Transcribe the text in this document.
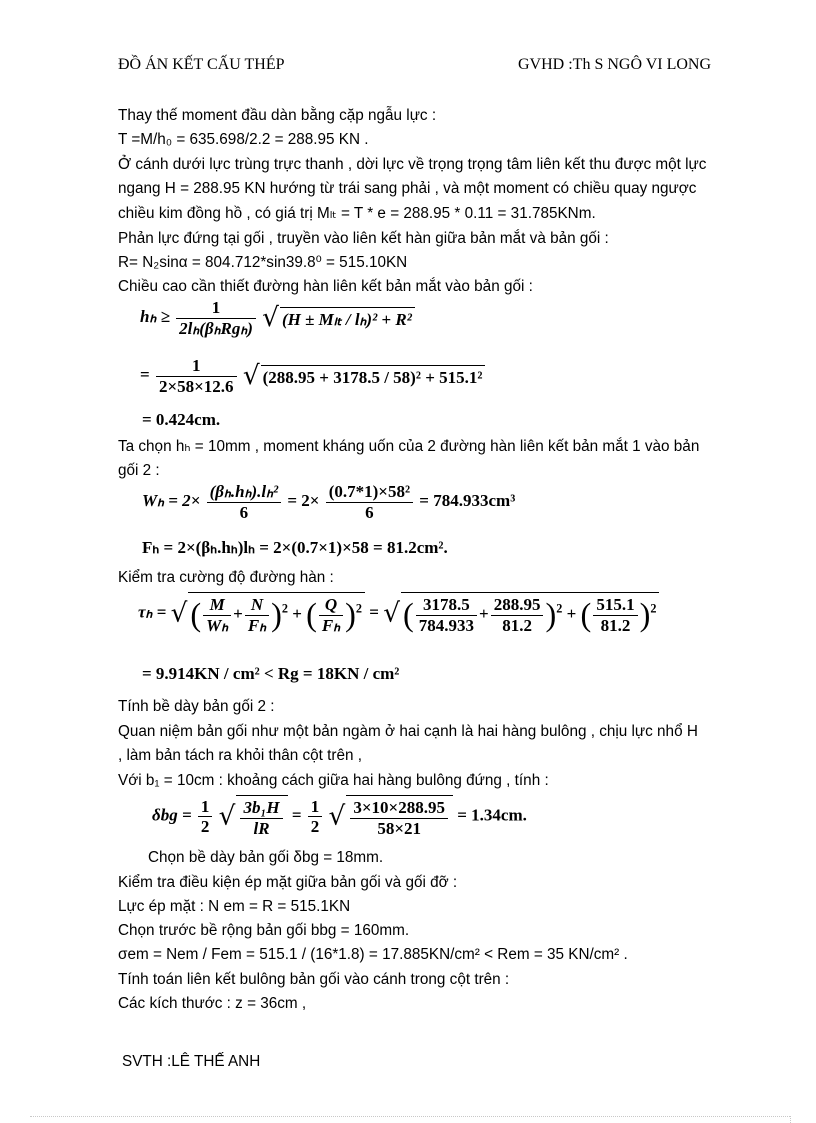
ĐỒ ÁN KẾT CẤU THÉP	GVHD :Th S NGÔ VI LONG
Thay thế moment đầu dàn bằng cặp ngẫu lực :
T =M/h₀ = 635.698/2.2 = 288.95 KN .
Ở cánh dưới lực trùng trực thanh , dời lực về trọng trọng tâm liên kết thu được một lực
ngang H = 288.95 KN hướng từ trái sang phải , và một moment có chiều quay ngược
chiều kim đồng hồ , có giá trị Mₗₜ = T * e = 288.95 * 0.11 = 31.785KNm.
Phản lực đứng tại gối , truyền vào liên kết hàn giữa bản mắt và bản gối :
R= N₂sinα = 804.712*sin39.8⁰ = 515.10KN
Chiều cao cần thiết đường hàn liên kết bản mắt vào bản gối :
$h_h \ge \frac{1}{\text{2lₕ(βₕRgₕ)}}$ √ (H ± Mₗₜ / lₕ)² + R²
= $\frac{1}{2\times 58\times 12.6}$ √ (288.95 + 3178.5 / 58)² + 515.1²
= 0.424cm.
Ta chọn hₕ = 10mm , moment kháng uốn của 2 đường hàn liên kết bản mắt 1 vào bản
gối 2 :
$W_h = 2\times \frac{\text{(βₕ.hₕ).lₕ²}}{6} = 2\times \frac{\text{(0.7*1)×58²}}{6} = 784.933cm^3$
Fₕ = 2×(βₕ.hₕ)lₕ = 2×(0.7×1)×58 = 81.2cm².
Kiểm tra cường độ đường hàn :
τₕ = √( $\frac{M}{\text{Wₕ}} + \frac{N}{\text{Fₕ}} )^2$ + ( $\frac{Q}{\text{Fₕ}} )^2$ = √( $\frac{3178.5}{784.933} + \frac{288.95}{81.2} )^2$ + ( $\frac{515.1}{81.2} )^2$
= 9.914KN / cm² < Rg = 18KN / cm²
Tính bề dày bản gối 2 :
Quan niệm bản gối như một bản ngàm ở hai cạnh là hai hàng bulông , chịu lực nhổ H
, làm bản tách ra khỏi thân cột trên ,
Với b₁ = 10cm : khoảng cách giữa hai hàng bulông đứng , tính :
$\delta bg = \frac{1}{2}$ √ $\frac{\text{3b₁H}}{lR} = \frac{1}{2}$ √ $\frac{3\times 10\times 288.95}{58\times 21} = 1.34cm$.
Chọn bề dày bản gối δbg = 18mm.
Kiểm tra điều kiện ép mặt giữa bản gối và gối đỡ :
Lực ép mặt : N em = R = 515.1KN
Chọn trước bề rộng bản gối bbg = 160mm.
σem = Nem / Fem = 515.1 / (16*1.8) = 17.885KN/cm² < Rem = 35 KN/cm² .
Tính toán liên kết bulông bản gối vào cánh trong cột trên :
Các kích thước : z = 36cm ,
SVTH :LÊ THẾ ANH
